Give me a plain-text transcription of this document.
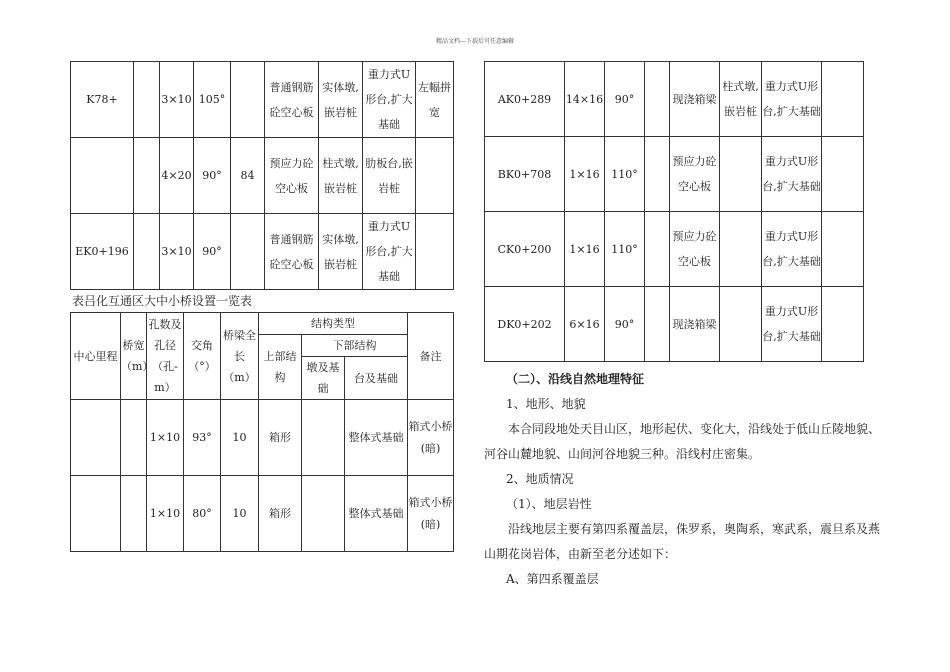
精品文档---下载后可任意编辑
K78+		3×10	105°		普通钢筋砼空心板	实体墩,嵌岩桩	重力式U形台,扩大基础	左幅拼宽
		4×20	90°	84	预应力砼空心板	柱式墩,嵌岩桩	肋板台,嵌岩桩	
EK0+196		3×10	90°		普通钢筋砼空心板	实体墩,嵌岩桩	重力式U形台,扩大基础	
表吕化互通区大中小桥设置一览表
中心里程	桥宽（m）	孔数及孔径（孔-m）	交角（°）	桥梁全长（m）	结构类型			备注
					上部结构	下部结构		
						墩及基础	台及基础	

		1×10	93°	10	箱形		整体式基础	箱式小桥(暗)
		1×10	80°	10	箱形		整体式基础	箱式小桥(暗)
AK0+289	14×16	90°		现浇箱梁	柱式墩,嵌岩桩	重力式U形台,扩大基础	
BK0+708	1×16	110°		预应力砼空心板		重力式U形台,扩大基础	
CK0+200	1×16	110°		预应力砼空心板		重力式U形台,扩大基础	
DK0+202	6×16	90°		现浇箱梁		重力式U形台,扩大基础	

（二）、沿线自然地理特征

1、地形、地貌

本合同段地处天目山区，地形起伏、变化大，沿线处于低山丘陵地貌、河谷山麓地貌、山间河谷地貌三种。沿线村庄密集。

2、地质情况

（1）、地层岩性

沿线地层主要有第四系覆盖层，侏罗系，奥陶系，寒武系，震旦系及燕山期花岗岩体，由新至老分述如下：

A、第四系覆盖层
